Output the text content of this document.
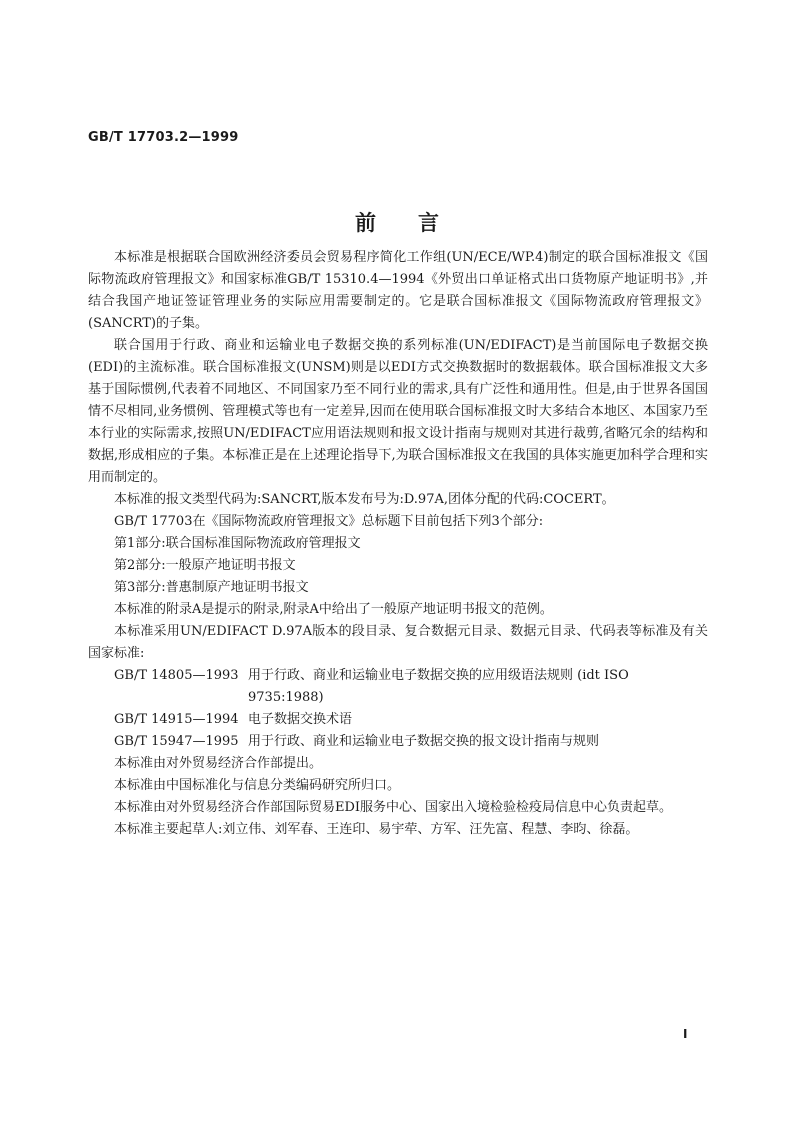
GB/T 17703.2—1999
前 言

本标准是根据联合国欧洲经济委员会贸易程序简化工作组(UN/ECE/WP.4)制定的联合国标准报文《国际物流政府管理报文》和国家标准GB/T 15310.4—1994《外贸出口单证格式出口货物原产地证明书》,并结合我国产地证签证管理业务的实际应用需要制定的。它是联合国标准报文《国际物流政府管理报文》(SANCRT)的子集。

联合国用于行政、商业和运输业电子数据交换的系列标准(UN/EDIFACT)是当前国际电子数据交换(EDI)的主流标准。联合国标准报文(UNSM)则是以EDI方式交换数据时的数据载体。联合国标准报文大多基于国际惯例,代表着不同地区、不同国家乃至不同行业的需求,具有广泛性和通用性。但是,由于世界各国国情不尽相同,业务惯例、管理模式等也有一定差异,因而在使用联合国标准报文时大多结合本地区、本国家乃至本行业的实际需求,按照UN/EDIFACT应用语法规则和报文设计指南与规则对其进行裁剪,省略冗余的结构和数据,形成相应的子集。本标准正是在上述理论指导下,为联合国标准报文在我国的具体实施更加科学合理和实用而制定的。

本标准的报文类型代码为:SANCRT,版本发布号为:D.97A,团体分配的代码:COCERT。

GB/T 17703在《国际物流政府管理报文》总标题下目前包括下列3个部分:

第1部分:联合国标准国际物流政府管理报文

第2部分:一般原产地证明书报文

第3部分:普惠制原产地证明书报文

本标准的附录A是提示的附录,附录A中给出了一般原产地证明书报文的范例。

本标准采用UN/EDIFACT D.97A版本的段目录、复合数据元目录、数据元目录、代码表等标准及有关国家标准:

GB/T 14805—1993 用于行政、商业和运输业电子数据交换的应用级语法规则 (idt ISO 9735:1988)
GB/T 14915—1994 电子数据交换术语
GB/T 15947—1995 用于行政、商业和运输业电子数据交换的报文设计指南与规则

本标准由对外贸易经济合作部提出。

本标准由中国标准化与信息分类编码研究所归口。

本标准由对外贸易经济合作部国际贸易EDI服务中心、国家出入境检验检疫局信息中心负责起草。

本标准主要起草人:刘立伟、刘军春、王连印、易宇荦、方军、汪先富、程慧、李昀、徐磊。

Ⅰ
